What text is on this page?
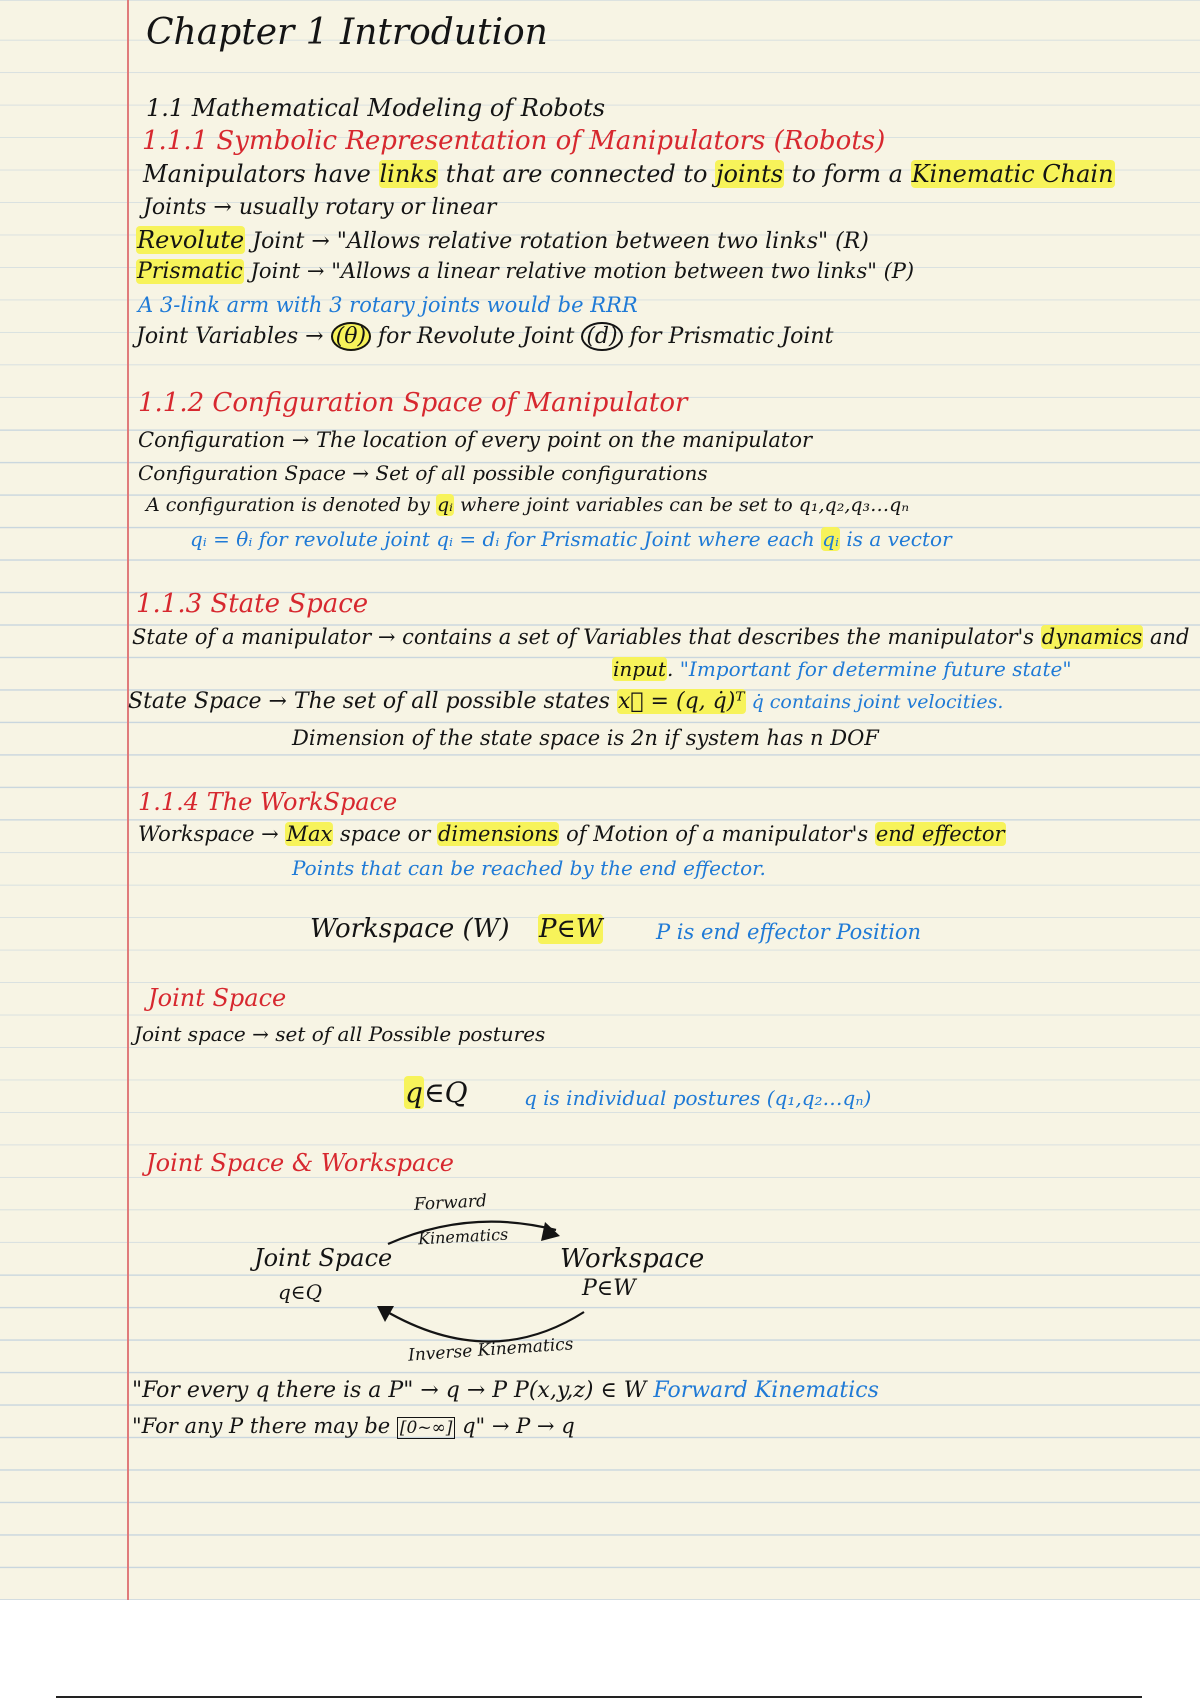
Chapter 1 Introdution
1.1 Mathematical Modeling of Robots
1.1.1 Symbolic Representation of Manipulators (Robots)
Manipulators have links that are connected to joints to form a Kinematic Chain
Joints → usually rotary or linear
Revolute Joint → "Allows relative rotation between two links" (R)
Prismatic Joint → "Allows a linear relative motion between two links" (P)
A 3-link arm with 3 rotary joints would be RRR
Joint Variables → (θ) for Revolute Joint (d) for Prismatic Joint
1.1.2 Configuration Space of Manipulator
Configuration → The location of every point on the manipulator
Configuration Space → Set of all possible configurations
A configuration is denoted by qᵢ where joint variables can be set to q₁,q₂,q₃…qₙ
qᵢ = θᵢ for revolute joint qᵢ = dᵢ for Prismatic Joint where each qᵢ is a vector
1.1.3 State Space
State of a manipulator → contains a set of Variables that describes the manipulator's dynamics and
input. "Important for determine future state"
State Space → The set of all possible states x⃗ = (q, q̇)ᵀ q̇ contains joint velocities.
Dimension of the state space is 2n if system has n DOF
1.1.4 The WorkSpace
Workspace → Max space or dimensions of Motion of a manipulator's end effector
Points that can be reached by the end effector.
Workspace (W) P∈W	P is end effector Position
Joint Space
Joint space → set of all Possible postures
q∈Q	q is individual postures (q₁,q₂…qₙ)
Joint Space & Workspace
Forward
Kinematics
Joint Space
q∈Q
Workspace
P∈W
Inverse Kinematics
"For every q there is a P" → q → P P(x,y,z) ∈ W Forward Kinematics
"For any P there may be [0~∞] q" → P → q
